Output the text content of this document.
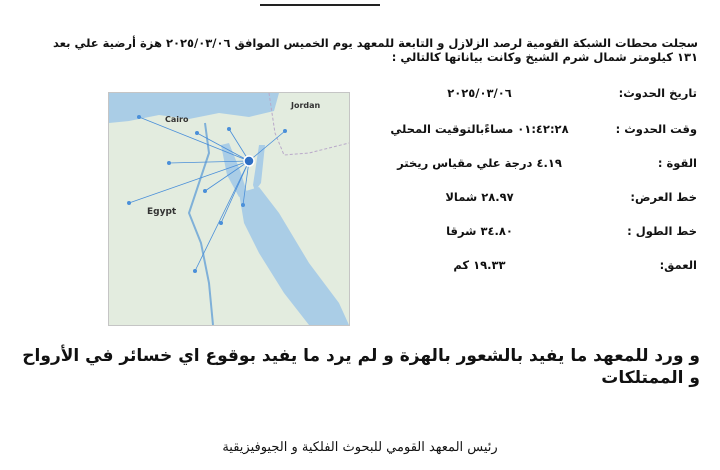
سجلت محطات الشبكة القومية لرصد الزلازل و التابعة للمعهد يوم الخميس الموافق ٢٠٢٥/٠٣/٠٦ هزة أرضية علي بعد ١٣١ كيلومتر شمال شرم الشيخ وكانت بياناتها كالتالي :
Jordan
Cairo
Egypt
تاريخ الحدوث:
٢٠٢٥/٠٣/٠٦
وقت الحدوث :
٠١:٤٢:٢٨ مساءًبالتوقيت المحلي
القوة :
٤.١٩ درجة علي مقياس ريختر
خط العرض:
٢٨.٩٧ شمالا
خط الطول :
٣٤.٨٠ شرقا
العمق:
١٩.٣٣ كم
و ورد للمعهد ما يفيد بالشعور بالهزة و لم يرد ما يفيد بوقوع اي خسائر في الأرواح و الممتلكات
رئيس المعهد القومي للبحوث الفلكية و الجيوفيزيقية
